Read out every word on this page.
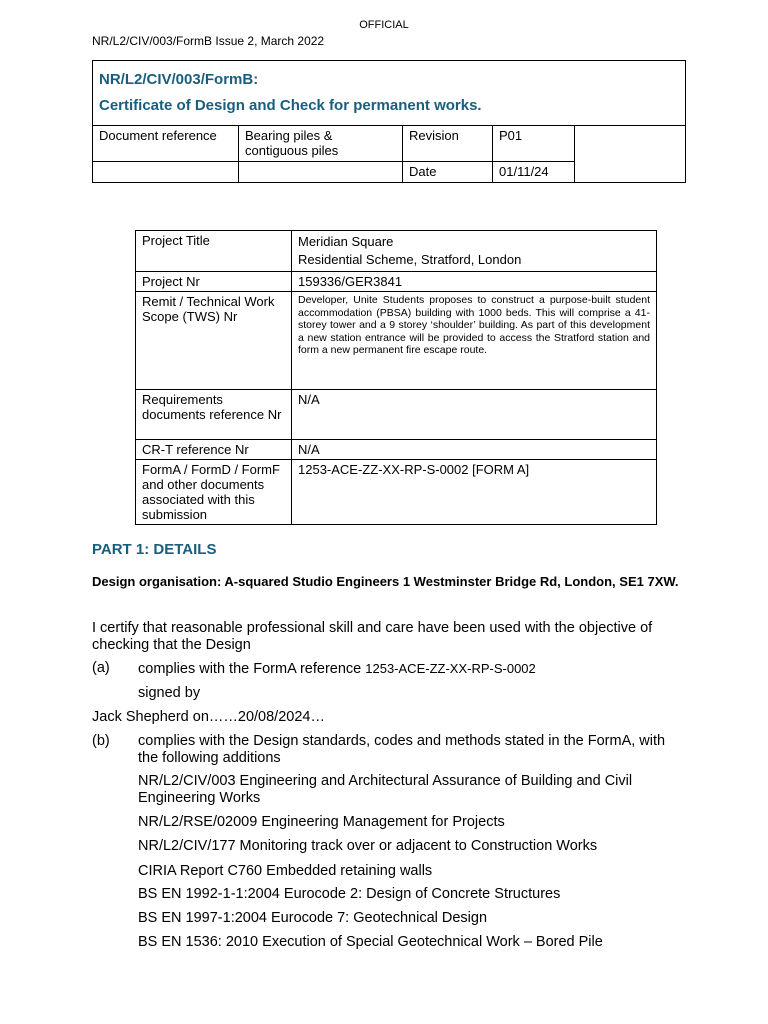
OFFICIAL
NR/L2/CIV/003/FormB Issue 2, March 2022
NR/L2/CIV/003/FormB:
Certificate of Design and Check for permanent works.				

Document reference	Bearing piles & contiguous piles	Revision	P01	
		Date	01/11/24	
Project Title	Meridian Square
Residential Scheme, Stratford, London

Project Nr	159336/GER3841
Remit / Technical Work Scope (TWS) Nr	Developer, Unite Students proposes to construct a purpose-built student accommodation (PBSA) building with 1000 beds. This will comprise a 41-storey tower and a 9 storey ‘shoulder’ building. As part of this development a new station entrance will be provided to access the Stratford station and form a new permanent fire escape route.
Requirements documents reference Nr	N/A
CR-T reference Nr	N/A
FormA / FormD / FormF and other documents associated with this submission	1253-ACE-ZZ-XX-RP-S-0002 [FORM A]
PART 1: DETAILS
Design organisation: A-squared Studio Engineers 1 Westminster Bridge Rd, London, SE1 7XW.
I certify that reasonable professional skill and care have been used with the objective of checking that the Design
(a) complies with the FormA reference 1253-ACE-ZZ-XX-RP-S-0002
signed by
Jack Shepherd on……20/08/2024…
(b) complies with the Design standards, codes and methods stated in the FormA, with the following additions
NR/L2/CIV/003 Engineering and Architectural Assurance of Building and Civil Engineering Works
NR/L2/RSE/02009 Engineering Management for Projects
NR/L2/CIV/177 Monitoring track over or adjacent to Construction Works
CIRIA Report C760 Embedded retaining walls
BS EN 1992-1-1:2004 Eurocode 2: Design of Concrete Structures
BS EN 1997-1:2004 Eurocode 7: Geotechnical Design
BS EN 1536: 2010 Execution of Special Geotechnical Work – Bored Pile
